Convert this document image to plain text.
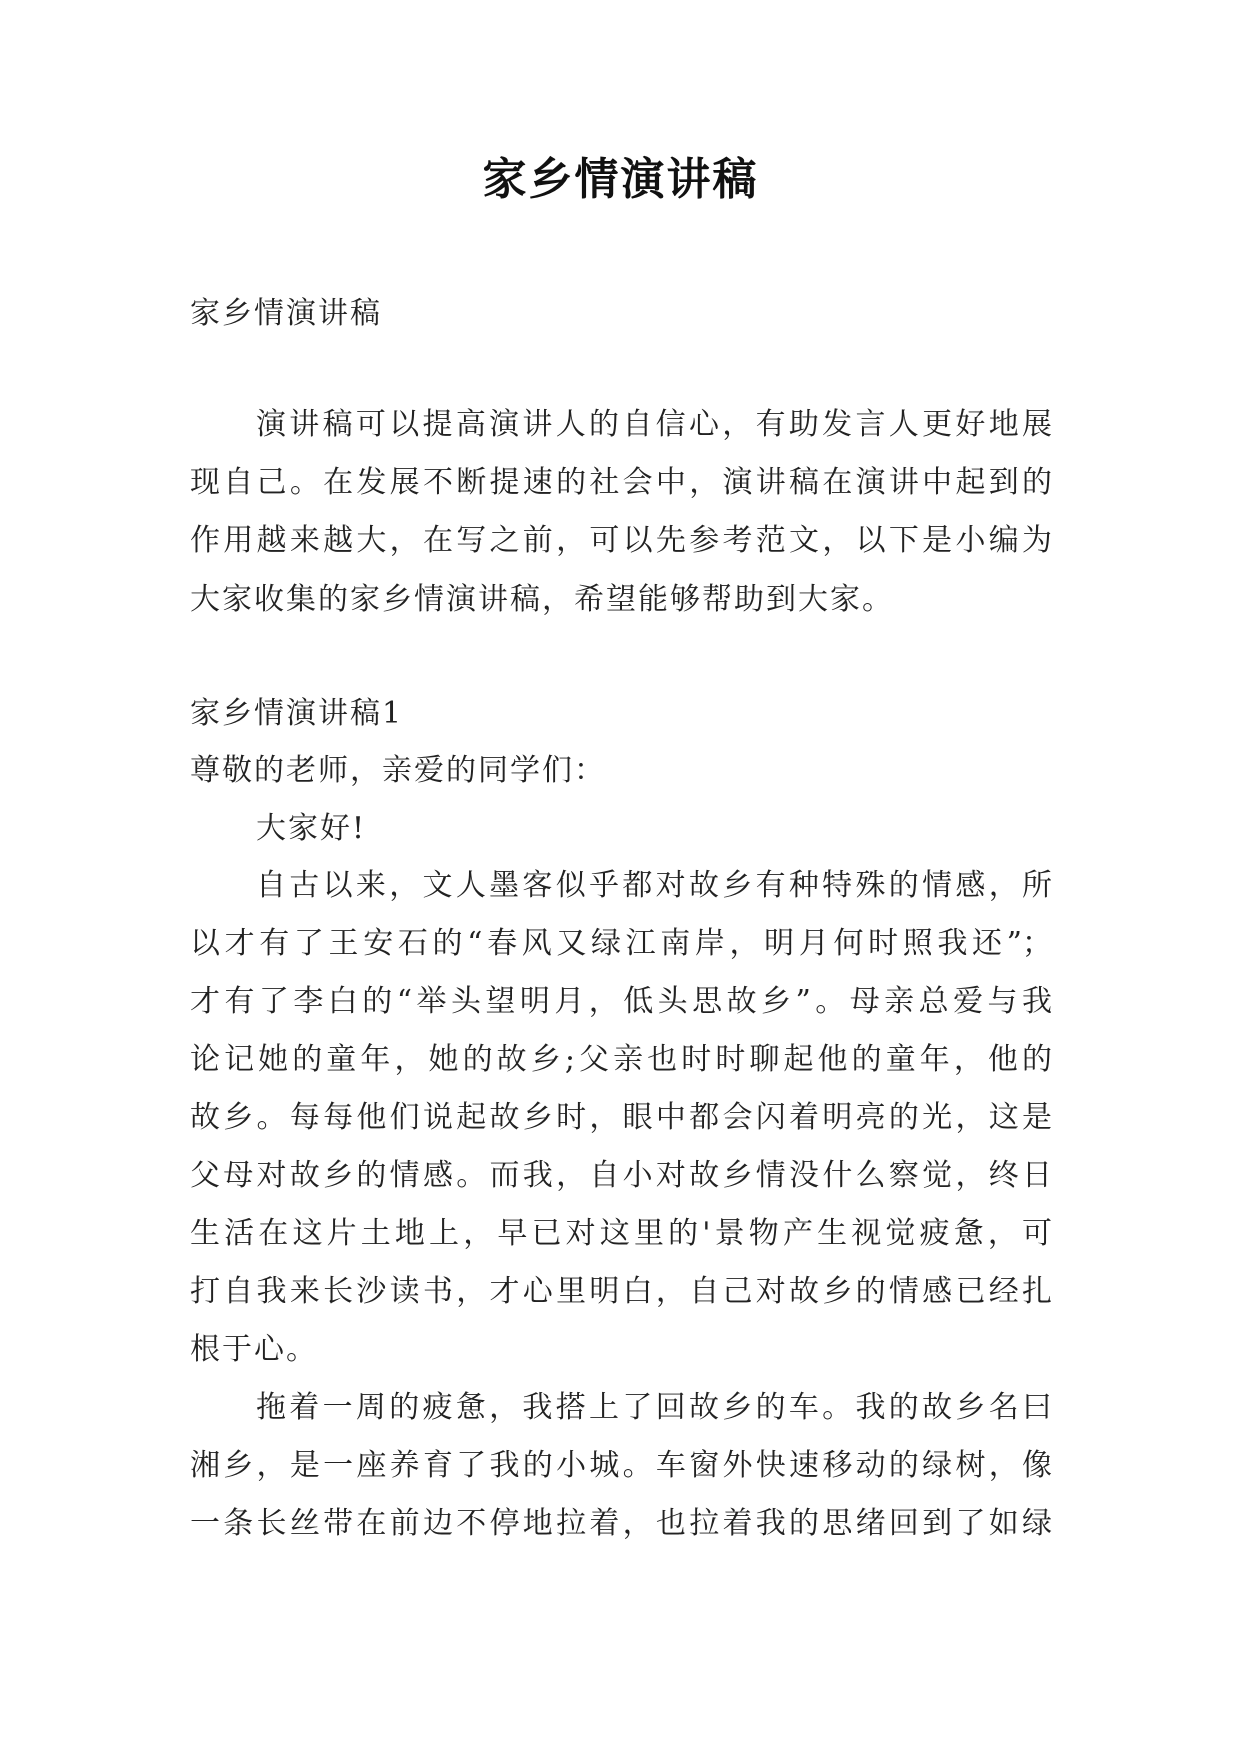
家乡情演讲稿
家乡情演讲稿
演讲稿可以提高演讲人的自信心，有助发言人更好地展
现自己。在发展不断提速的社会中，演讲稿在演讲中起到的
作用越来越大，在写之前，可以先参考范文，以下是小编为
大家收集的家乡情演讲稿，希望能够帮助到大家。
家乡情演讲稿1
尊敬的老师，亲爱的同学们：
大家好!
自古以来，文人墨客似乎都对故乡有种特殊的情感，所
以才有了王安石的“春风又绿江南岸，明月何时照我还”；
才有了李白的“举头望明月，低头思故乡”。母亲总爱与我
论记她的童年，她的故乡;父亲也时时聊起他的童年，他的
故乡。每每他们说起故乡时，眼中都会闪着明亮的光，这是
父母对故乡的情感。而我，自小对故乡情没什么察觉，终日
生活在这片土地上，早已对这里的'景物产生视觉疲惫，可
打自我来长沙读书，才心里明白，自己对故乡的情感已经扎
根于心。
拖着一周的疲惫，我搭上了回故乡的车。我的故乡名曰
湘乡，是一座养育了我的小城。车窗外快速移动的绿树，像
一条长丝带在前边不停地拉着，也拉着我的思绪回到了如绿
